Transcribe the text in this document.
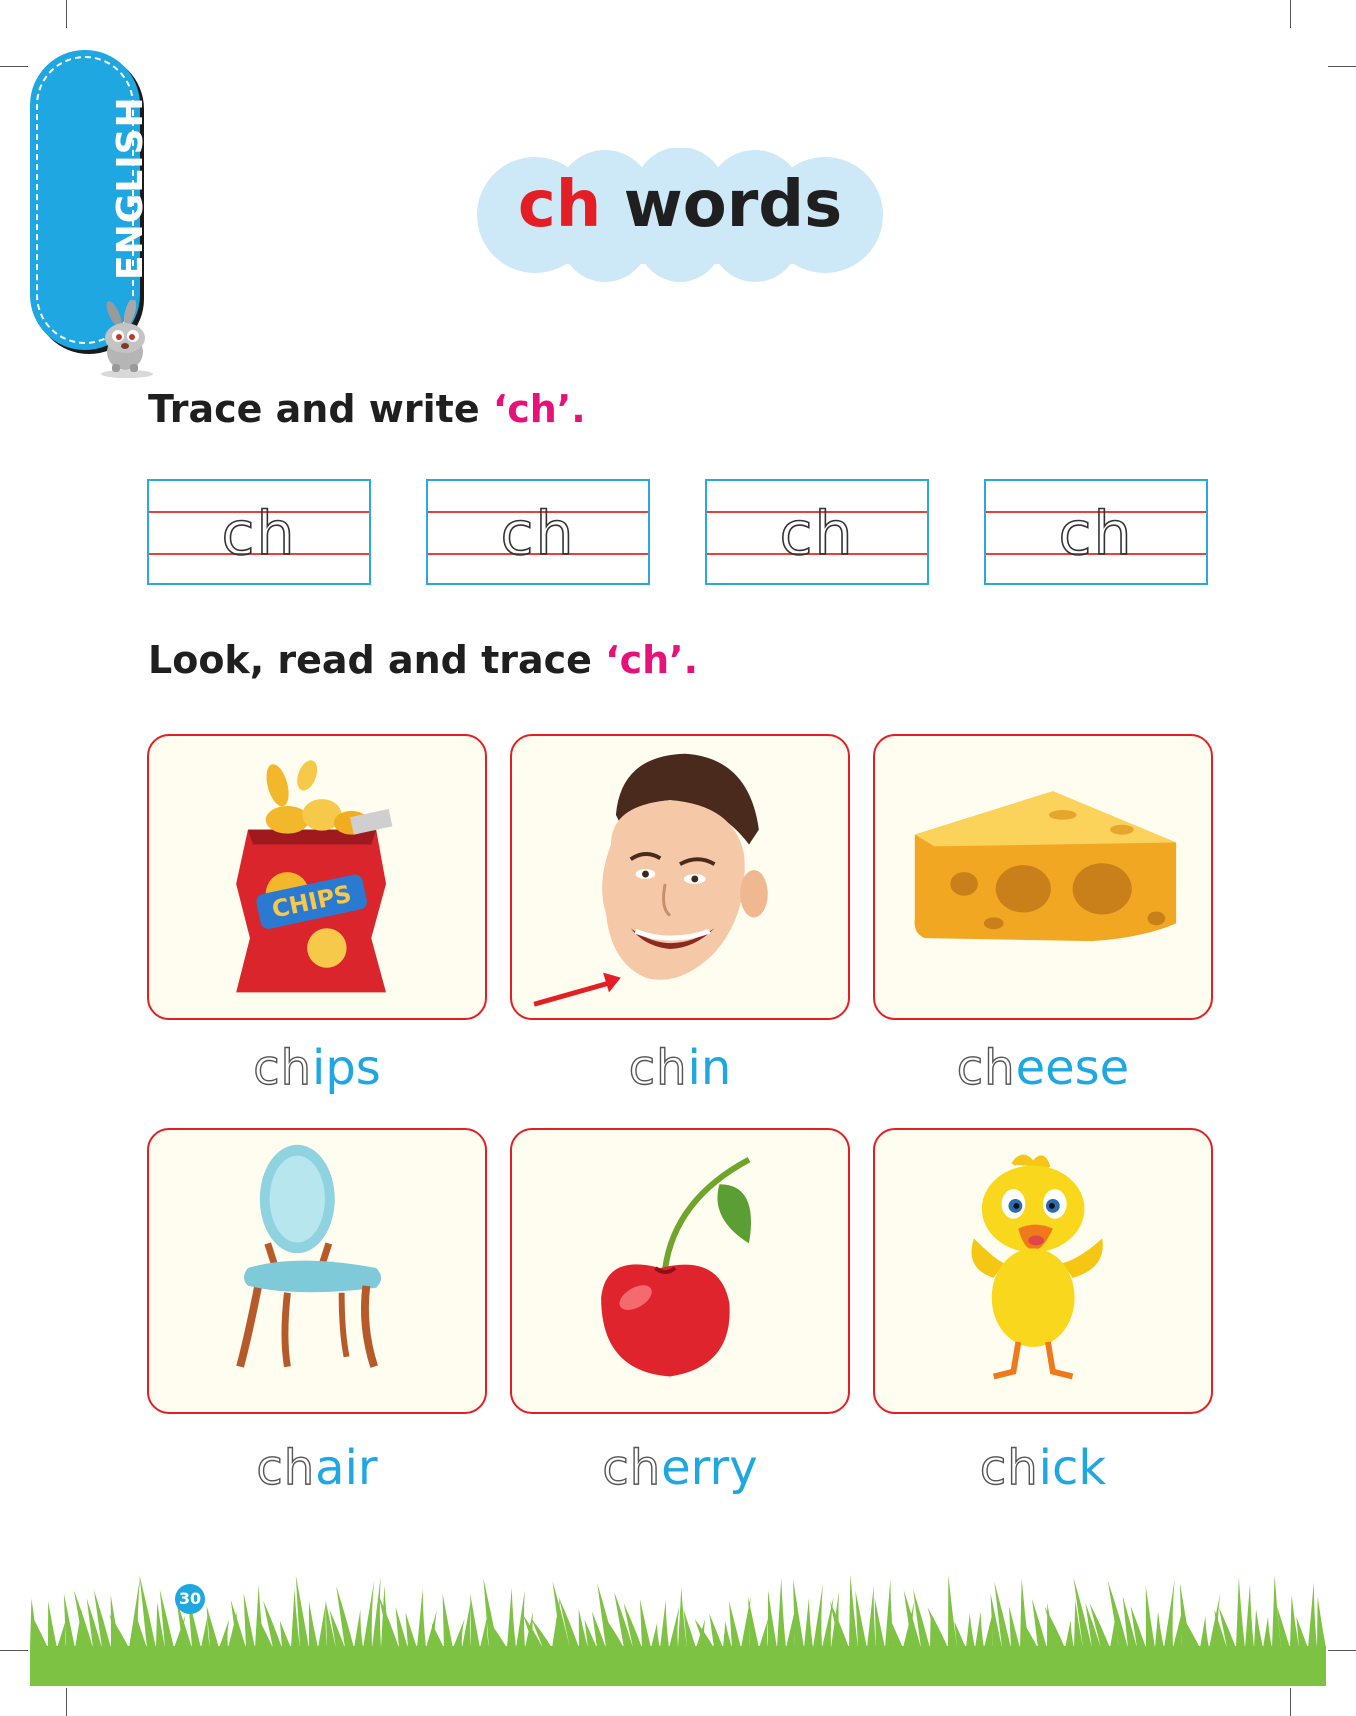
ENGLISH	ch words
Trace and write ‘ch’.
ch	ch	ch	ch
Look, read and trace ‘ch’.
CHIPS
chips	chin	cheese
chair	cherry	chick
30
